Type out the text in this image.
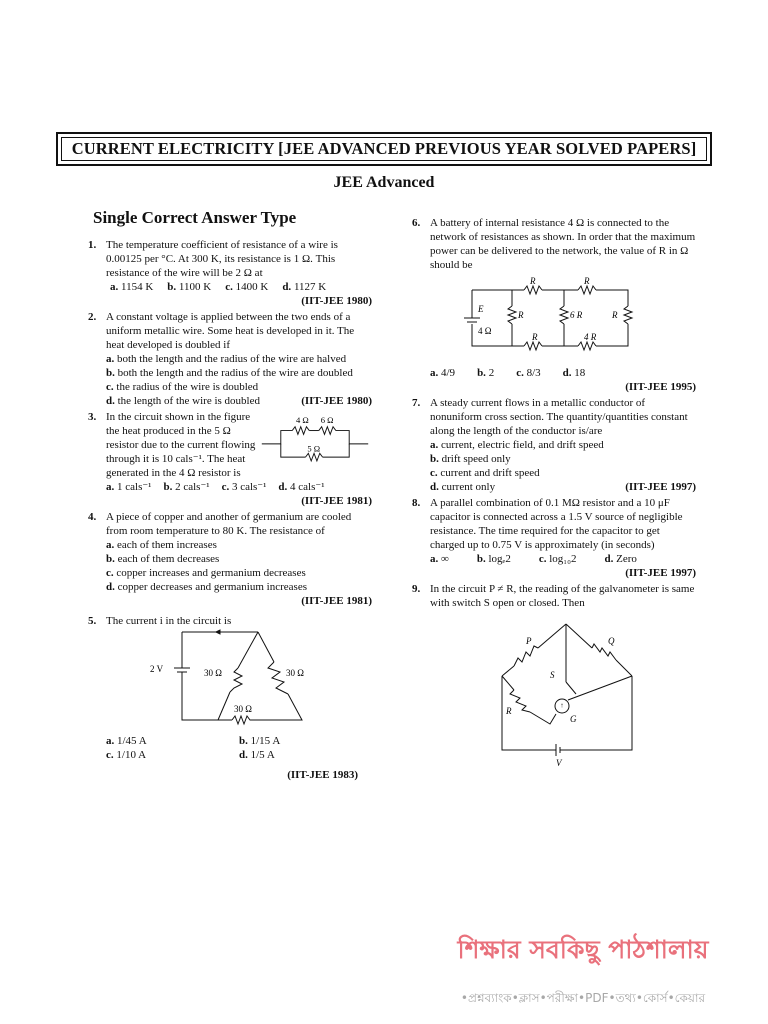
CURRENT ELECTRICITY [JEE ADVANCED PREVIOUS YEAR SOLVED PAPERS]
JEE Advanced
Single Correct Answer Type
1. The temperature coefficient of resistance of a wire is 0.00125 per °C. At 300 K, its resistance is 1 Ω. This resistance of the wire will be 2 Ω at
a. 1154 K b. 1100 K c. 1400 K d. 1127 K
(IIT-JEE 1980)
2. A constant voltage is applied between the two ends of a uniform metallic wire. Some heat is developed in it. The heat developed is doubled if
a. both the length and the radius of the wire are halved
b. both the length and the radius of the wire are doubled
c. the radius of the wire is doubled
d. the length of the wire is doubled	(IIT-JEE 1980)
3. In the circuit shown in the figure the heat produced in the 5 Ω resistor due to the current flowing through it is 10 cals⁻¹. The heat generated in the 4 Ω resistor is
4 Ω 6 Ω
5 Ω
a. 1 cals⁻¹ b. 2 cals⁻¹ c. 3 cals⁻¹ d. 4 cals⁻¹
(IIT-JEE 1981)
4. A piece of copper and another of germanium are cooled from room temperature to 80 K. The resistance of
a. each of them increases
b. each of them decreases
c. copper increases and germanium decreases
d. copper decreases and germanium increases
(IIT-JEE 1981)
5. The current i in the circuit is
2 V	30 Ω	30 Ω
30 Ω
a. 1/45 A	b. 1/15 A
c. 1/10 A	d. 1/5 A
(IIT-JEE 1983)
6. A battery of internal resistance 4 Ω is connected to the network of resistances as shown. In order that the maximum power can be delivered to the network, the value of R in Ω should be
E
4 Ω
R	R
R
R
6 R
4 R
R
a. 4/9 b. 2 c. 8/3 d. 18
(IIT-JEE 1995)
7. A steady current flows in a metallic conductor of nonuniform cross section. The quantity/quantities constant along the length of the conductor is/are
a. current, electric field, and drift speed
b. drift speed only
c. current and drift speed
d. current only	(IIT-JEE 1997)
8. A parallel combination of 0.1 MΩ resistor and a 10 μF capacitor is connected across a 1.5 V source of negligible resistance. The time required for the capacitor to get charged up to 0.75 V is approximately (in seconds)
a. ∞	b. logₑ2	c. log₁₀2	d. Zero
(IIT-JEE 1997)
9. In the circuit P ≠ R, the reading of the galvanometer is same with switch S open or closed. Then
↑
P	Q
R
S
G
V
শিক্ষার সবকিছু পাঠশালায়
•প্রশ্নব্যাংক•ক্লাস•পরীক্ষা•PDF•তথ্য•কোর্স•কেয়ার
